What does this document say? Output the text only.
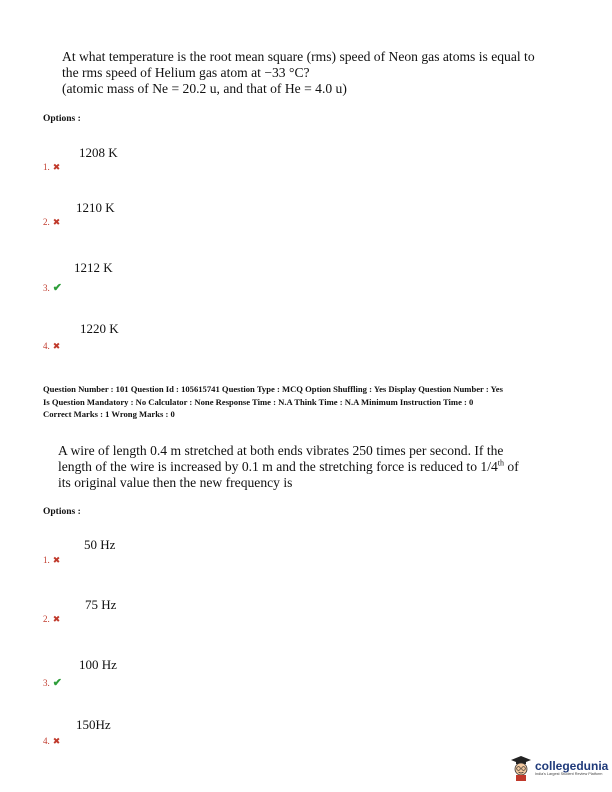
At what temperature is the root mean square (rms) speed of Neon gas atoms is equal to
the rms speed of Helium gas atom at −33 °C?
(atomic mass of Ne = 20.2 u, and that of He = 4.0 u)
Options :
1208 K
1. ✖
1210 K
2. ✖
1212 K
3. ✔
1220 K
4. ✖
Question Number : 101 Question Id : 105615741 Question Type : MCQ Option Shuffling : Yes Display Question Number : Yes
Is Question Mandatory : No Calculator : None Response Time : N.A Think Time : N.A Minimum Instruction Time : 0
Correct Marks : 1 Wrong Marks : 0
A wire of length 0.4 m stretched at both ends vibrates 250 times per second. If the
length of the wire is increased by 0.1 m and the stretching force is reduced to 1/4th of
its original value then the new frequency is
Options :
50 Hz
1. ✖
75 Hz
2. ✖
100 Hz
3. ✔
150Hz
4. ✖
collegedunia
India's Largest Student Review Platform
